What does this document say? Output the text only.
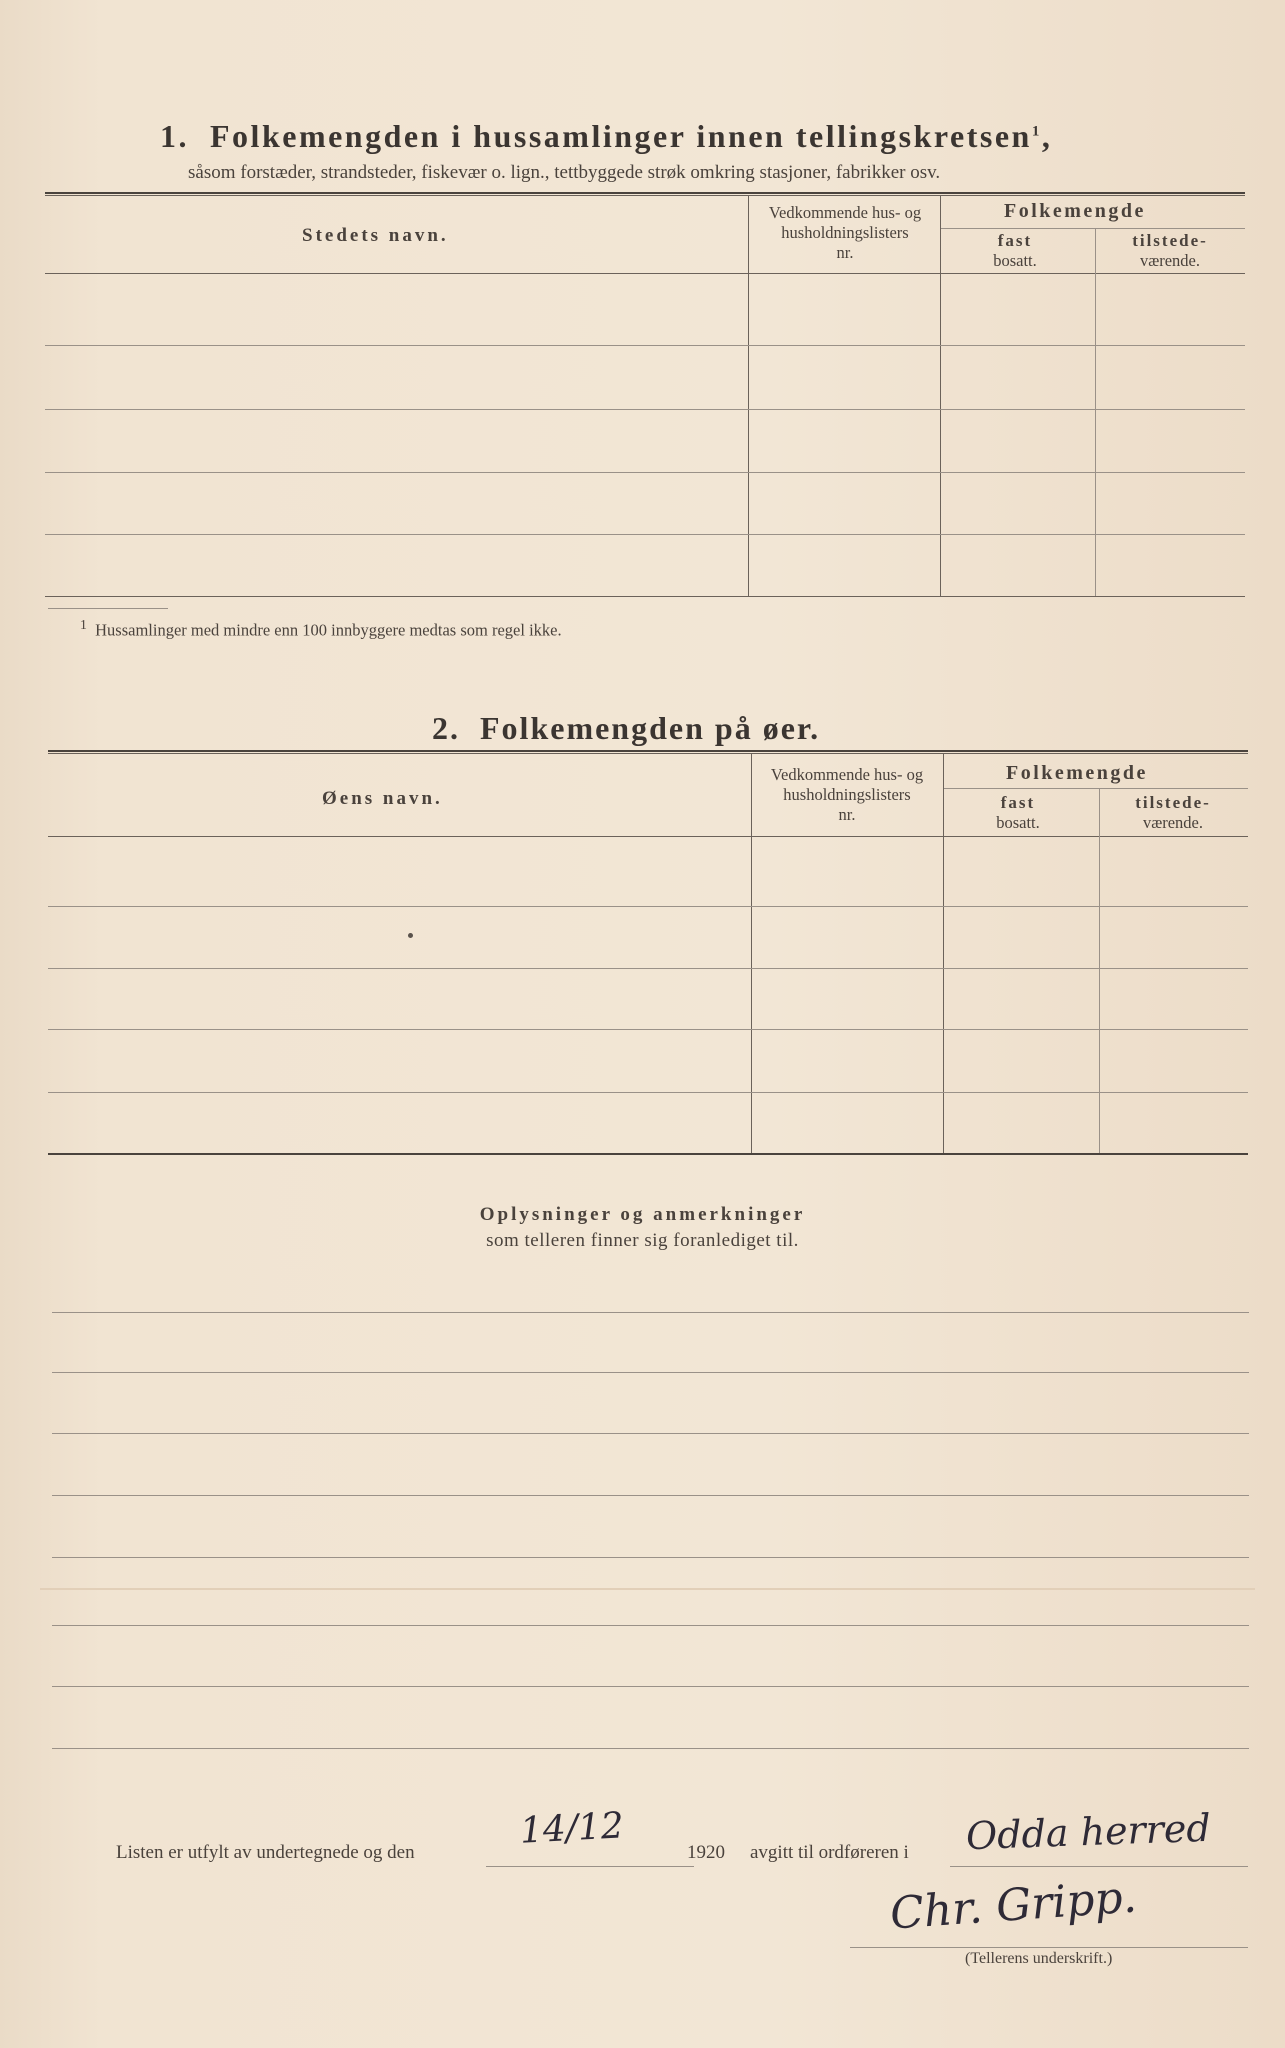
1. Folkemengden i hussamlinger innen tellingskretsen$^1$,
såsom forstæder, strandsteder, fiskevær o. lign., tettbyggede strøk omkring stasjoner, fabrikker osv.
Stedets navn.
Vedkommende hus- og
husholdningslisters
nr.
Folkemengde
fast
bosatt.
tilstede-
værende.
$^1$ Hussamlinger med mindre enn 100 innbyggere medtas som regel ikke.
2. Folkemengden på øer.
Øens navn.
Vedkommende hus- og
husholdningslisters
nr.
Folkemengde
fast
bosatt.
tilstede-
værende.
Oplysninger og anmerkninger
som telleren finner sig foranlediget til.
Listen er utfylt av undertegnede og den
14/12
1920 avgitt til ordføreren i Odda herred
Chr. Gripp.
(Tellerens underskrift.)
